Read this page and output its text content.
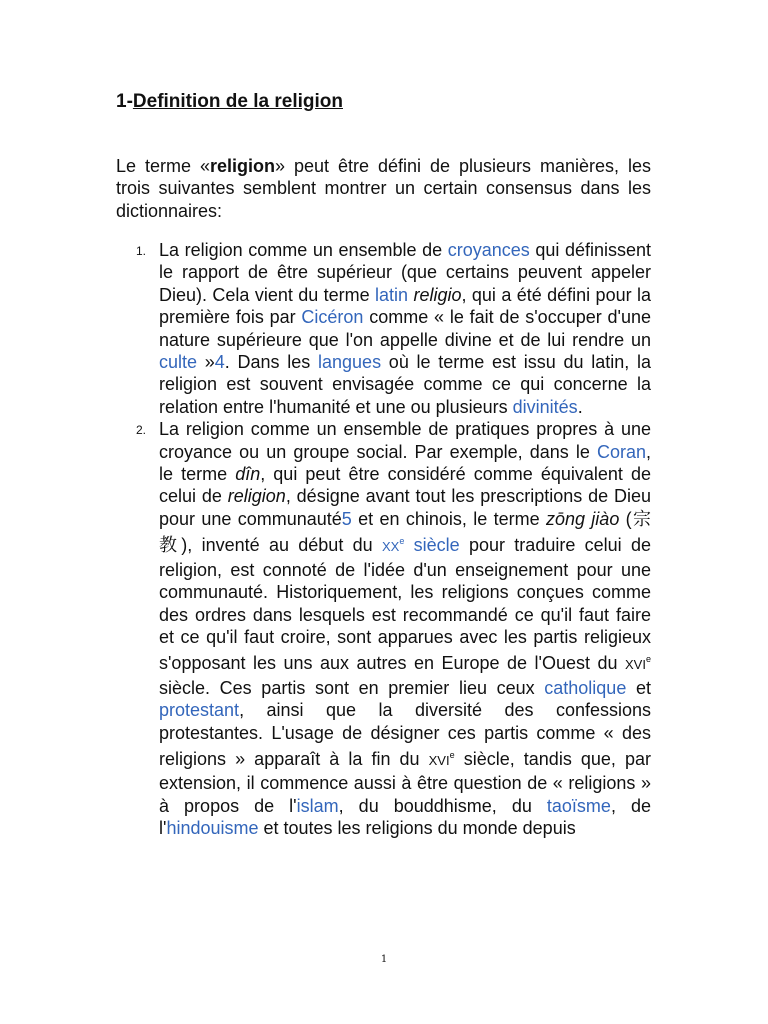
1-Definition de la religion

Le terme «religion» peut être défini de plusieurs manières, les trois suivantes semblent montrer un certain consensus dans les dictionnaires:

1. La religion comme un ensemble de croyances qui définissent le rapport de être supérieur (que certains peuvent appeler Dieu). Cela vient du terme latin religio, qui a été défini pour la première fois par Cicéron comme « le fait de s'occuper d'une nature supérieure que l'on appelle divine et de lui rendre un culte »4. Dans les langues où le terme est issu du latin, la religion est souvent envisagée comme ce qui concerne la relation entre l'humanité et une ou plusieurs divinités.
2. La religion comme un ensemble de pratiques propres à une croyance ou un groupe social. Par exemple, dans le Coran, le terme dîn, qui peut être considéré comme équivalent de celui de religion, désigne avant tout les prescriptions de Dieu pour une communauté5 et en chinois, le terme zōng jiào (宗教), inventé au début du XXe siècle pour traduire celui de religion, est connoté de l'idée d'un enseignement pour une communauté. Historiquement, les religions conçues comme des ordres dans lesquels est recommandé ce qu'il faut faire et ce qu'il faut croire, sont apparues avec les partis religieux s'opposant les uns aux autres en Europe de l'Ouest du XVIe siècle. Ces partis sont en premier lieu ceux catholique et protestant, ainsi que la diversité des confessions protestantes. L'usage de désigner ces partis comme « des religions » apparaît à la fin du XVIe siècle, tandis que, par extension, il commence aussi à être question de « religions » à propos de l'islam, du bouddhisme, du taoïsme, de l'hindouisme et toutes les religions du monde depuis
1
